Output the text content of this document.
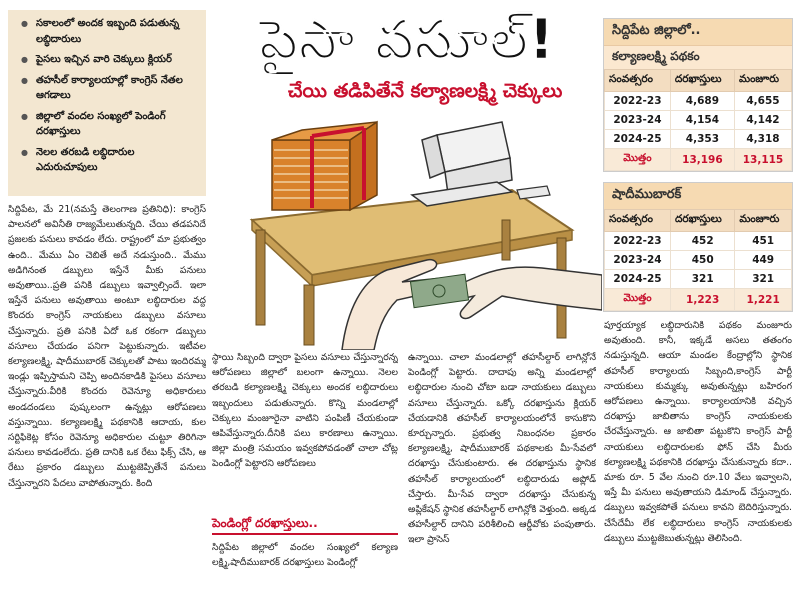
● సకాలంలో అందక ఇబ్బంది పడుతున్న లబ్ధిదారులు
● పైసలు ఇచ్చిన వారి చెక్కులు క్లియర్
● తహసీల్ కార్యాలయాల్లో కాంగ్రెస్ నేతల ఆగడాలు
● జిల్లాలో వందల సంఖ్యలో పెండింగ్ దరఖాస్తులు
● నెలల తరబడి లబ్ధిదారుల ఎదురుచూపులు
పైసా వసూల్!
చేయి తడిపితేనే కల్యాణలక్ష్మి చెక్కులు
సిద్దిపేట జిల్లాలో..
కల్యాణలక్ష్మి పథకం
సంవత్సరం	దరఖాస్తులు	మంజూరు
2022-23	4,689	4,655
2023-24	4,154	4,142
2024-25	4,353	4,318
మొత్తం	13,196	13,115
షాదీముబారక్
సంవత్సరం	దరఖాస్తులు	మంజూరు
2022-23	452	451
2023-24	450	449
2024-25	321	321
మొత్తం	1,223	1,221
సిద్దిపేట, మే 21(నమస్తే తెలంగాణ ప్రతినిధి): కాంగ్రెస్ పాలనలో అవినీతి రాజ్యమేలుతున్నది. చేయి తడపనిదే ప్రజలకు పనులు కావడం లేదు. రాష్ట్రంలో మా ప్రభుత్వం ఉంది.. మేము ఏం చెబితే అదే నడుస్తుంది.. మేము అడిగినంత డబ్బులు ఇస్తేనే మీకు పనులు అవుతాయి..ప్రతి పనికి డబ్బులు ఇవ్వాల్సిందే. ఇలా ఇస్తేనే పనులు అవుతాయి అంటూ లబ్ధిదారుల వద్ద కొందరు కాంగ్రెస్ నాయకులు డబ్బులు వసూలు చేస్తున్నారు. ప్రతి పనికి ఏదో ఒక రకంగా డబ్బులు వసూలు చేయడం పనిగా పెట్టుకున్నారు. ఇటీవల కల్యాణలక్ష్మి, షాదీముబారక్ చెక్కులతో పాటు ఇందిరమ్మ ఇండ్లు ఇప్పిస్తామని చెప్పి అందినకాడికి పైసలు వసూలు చేస్తున్నారు.వీరికి కొందరు రెవెన్యూ అధికారులు అండదండలు పుష్కలంగా ఉన్నట్లు ఆరోపణలు వస్తున్నాయి. కల్యాణలక్ష్మి పథకానికి ఆదాయ, కుల సర్టిఫికెట్ల కోసం రెవెన్యూ అధికారుల చుట్టూ తిరిగినా పనులు కావడంలేదు. ప్రతి దానికి ఒక రేటు ఫిక్స్ చేసి, ఆ రేటు ప్రకారం డబ్బులు ముట్టజెప్పితేనే పనులు చేస్తున్నారని పేదలు వాపోతున్నారు. కింది
స్థాయి సిబ్బంది ద్వారా పైసలు వసూలు చేస్తున్నారన్న ఆరోపణలు జిల్లాలో బలంగా ఉన్నాయి. నెలల తరబడి కల్యాణలక్ష్మి చెక్కులు అందక లబ్ధిదారులు ఇబ్బందులు పడుతున్నారు. కొన్ని మండలాల్లో చెక్కులు మంజూరైనా వాటిని పంపిణీ చేయకుండా ఆపివేస్తున్నారు.దీనికి పలు కారణాలు ఉన్నాయి. జిల్లా మంత్రి సమయం ఇవ్వకపోవడంతో చాలా చోట్ల పెండింగ్లో పెట్టారని ఆరోపణలు
పెండింగ్లో దరఖాస్తులు..
సిద్దిపేట జిల్లాలో వందల సంఖ్యలో కల్యాణ లక్ష్మి,షాదీముబారక్ దరఖాస్తులు పెండింగ్లో
ఉన్నాయి. చాలా మండలాల్లో తహసీల్దార్ లాగిన్లోనే పెండింగ్లో పెట్టారు. దాదాపు అన్ని మండలాల్లో లబ్ధిదారుల నుంచి చోటా బడా నాయకులు డబ్బులు వసూలు చేస్తున్నారు. ఒక్కో దరఖాస్తును క్లియర్ చేయడానికి తహసీల్ కార్యాలయంలోనే కాసుకొని కూర్చున్నారు. ప్రభుత్వ నిబంధనల ప్రకారం కల్యాణలక్ష్మి, షాదీముబారక్ పథకాలకు మీ-సేవలో దరఖాస్తు చేసుకుంటారు. ఈ దరఖాస్తును స్థానిక తహసీల్ కార్యాలయంలో లబ్ధిదారుడు అప్లోడ్ చేస్తారు. మీ-సేవ ద్వారా దరఖాస్తు చేసుకున్న అప్లికేషన్ స్థానిక తహసీల్దార్ లాగిన్లోకి వెళ్తుంది. అక్కడ తహసీల్దార్ దానిని పరిశీలించి ఆర్డీవోకు పంపుతారు. ఇలా ప్రాసెస్
పూర్తయ్యాక లబ్ధిదారునికి పథకం మంజూరు అవుతుంది. కానీ, ఇక్కడే అసలు తతంగం నడుస్తున్నది. ఆయా మండల కేంద్రాల్లోని స్థానిక తహసీల్ కార్యాలయ సిబ్బంది,కాంగ్రెస్ పార్టీ నాయకులు కుమ్మక్కు అవుతున్నట్లు బహిరంగ ఆరోపణలు ఉన్నాయి. కార్యాలయానికి వచ్చిన దరఖాస్తు జాబితాను కాంగ్రెస్ నాయకులకు చేరవేస్తున్నారు. ఆ జాబితా పట్టుకొని కాంగ్రెస్ పార్టీ నాయకులు లబ్ధిదారులకు ఫోన్ చేసి మీరు కల్యాణలక్ష్మి పథకానికి దరఖాస్తు చేసుకున్నారు కదా.. మాకు రూ. 5 వేల నుంచి రూ.10 వేలు ఇవ్వాలని, ఇస్తే మీ పనులు అవుతాయని డిమాండ్ చేస్తున్నారు. డబ్బులు ఇవ్వకపోతే పనులు కావని బెదిరిస్తున్నారు. చేసేదేమీ లేక లబ్ధిదారులు కాంగ్రెస్ నాయకులకు డబ్బులు ముట్టజెబుతున్నట్లు తెలిసింది.
